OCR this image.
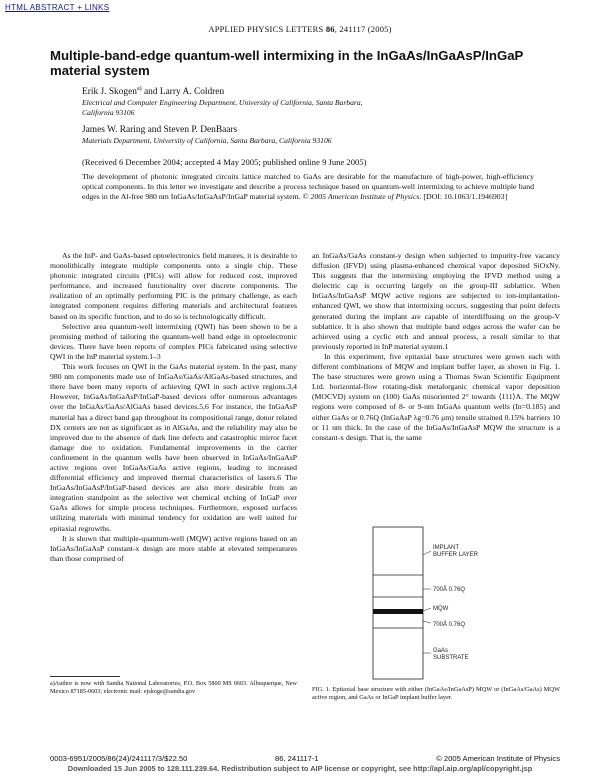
HTML ABSTRACT + LINKS
APPLIED PHYSICS LETTERS 86, 241117 (2005)
Multiple-band-edge quantum-well intermixing in the InGaAs/InGaAsP/InGaP material system
Erik J. Skogen$^{a)}$ and Larry A. Coldren
Electrical and Computer Engineering Department, University of California, Santa Barbara, California 93106
James W. Raring and Steven P. DenBaars
Materials Department, University of California, Santa Barbara, California 93106
(Received 6 December 2004; accepted 4 May 2005; published online 9 June 2005)
The development of photonic integrated circuits lattice matched to GaAs are desirable for the manufacture of high-power, high-efficiency optical components. In this letter we investigate and describe a process technique based on quantum-well intermixing to achieve multiple band edges in the Al-free 980 nm InGaAs/InGaAsP/InGaP material system. © 2005 American Institute of Physics. [DOI: 10.1063/1.1946903]

As the InP- and GaAs-based optoelectronics field matures, it is desirable to monolithically integrate multiple components onto a single chip. These photonic integrated circuits (PICs) will allow for reduced cost, improved performance, and increased functionality over discrete components. The realization of an optimally performing PIC is the primary challenge, as each integrated component requires differing materials and architectural features based on its specific function, and to do so is technologically difficult.

Selective area quantum-well intermixing (QWI) has been shown to be a promising method of tailoring the quantum-well band edge in optoelectronic devices. There have been reports of complex PICs fabricated using selective QWI in the InP material system.1–3

This work focuses on QWI in the GaAs material system. In the past, many 980 nm components made use of InGaAs/GaAs/AlGaAs-based structures, and there have been many reports of achieving QWI in such active regions.3,4 However, InGaAs/InGaAsP/InGaP-based devices offer numerous advantages over the InGaAs/GaAs/AlGaAs based devices.5,6 For instance, the InGaAsP material has a direct band gap throughout its compositional range, donor related DX centers are not as significant as in AlGaAs, and the reliability may also be improved due to the absence of dark line defects and catastrophic mirror facet damage due to oxidation. Fundamental improvements in the carrier confinement in the quantum wells have been observed in InGaAs/InGaAsP active regions over InGaAs/GaAs active regions, leading to increased differential efficiency and improved thermal characteristics of lasers.6 The InGaAs/InGaAsP/InGaP-based devices are also more desirable from an integration standpoint as the selective wet chemical etching of InGaP over GaAs allows for simple process techniques. Furthermore, exposed surfaces utilizing materials with minimal tendency for oxidation are well suited for epitaxial regrowths.

It is shown that multiple-quantum-well (MQW) active regions based on an InGaAs/InGaAsP constant-x design are more stable at elevated temperatures than those comprised of

an InGaAs/GaAs constant-y design when subjected to impurity-free vacancy diffusion (IFVD) using plasma-enhanced chemical vapor deposited SiOxNy. This suggests that the intermixing employing the IFVD method using a dielectric cap is occurring largely on the group-III sublattice. When InGaAs/InGaAsP MQW active regions are subjected to ion-implantation-enhanced QWI, we show that intermixing occurs, suggesting that point defects generated during the implant are capable of interdiffusing on the group-V sublattice. It is also shown that multiple band edges across the wafer can be achieved using a cyclic etch and anneal process, a result similar to that previously reported in InP material system.1

In this experiment, five epitaxial base structures were grown each with different combinations of MQW and implant buffer layer, as shown in Fig. 1. The base structures were grown using a Thomas Swan Scientific Equipment Ltd. horizontal-flow rotating-disk metalorganic chemical vapor deposition (MOCVD) system on (100) GaAs misoriented 2° towards ⟨111⟩A. The MQW regions were composed of 8- or 9-nm InGaAs quantum wells (In=0.185) and either GaAs or 0.76Q (InGaAsP λg=0.76 μm) tensile strained 0.15% barriers 10 or 11 nm thick. In the case of the InGaAs/InGaAsP MQW the structure is a constant-x design. That is, the same

IMPLANT
BUFFER LAYER
700Å 0.76Q
MQW
700Å 0.76Q
GaAs
SUBSTRATE
a)Author is now with Sandia National Laboratories, P.O. Box 5800 MS 0603. Albuquerque, New Mexico 87185-0603; electronic mail: ejskoge@sandia.gov	FIG. 1. Epitaxial base structure with either (InGaAs/InGaAsP) MQW or (InGaAs/GaAs) MQW active region, and GaAs or InGaP implant buffer layer.
0003-6951/2005/86(24)/241117/3/$22.50	86, 241117-1	© 2005 American Institute of Physics
Downloaded 15 Jun 2005 to 128.111.239.64. Redistribution subject to AIP license or copyright, see http://apl.aip.org/apl/copyright.jsp
